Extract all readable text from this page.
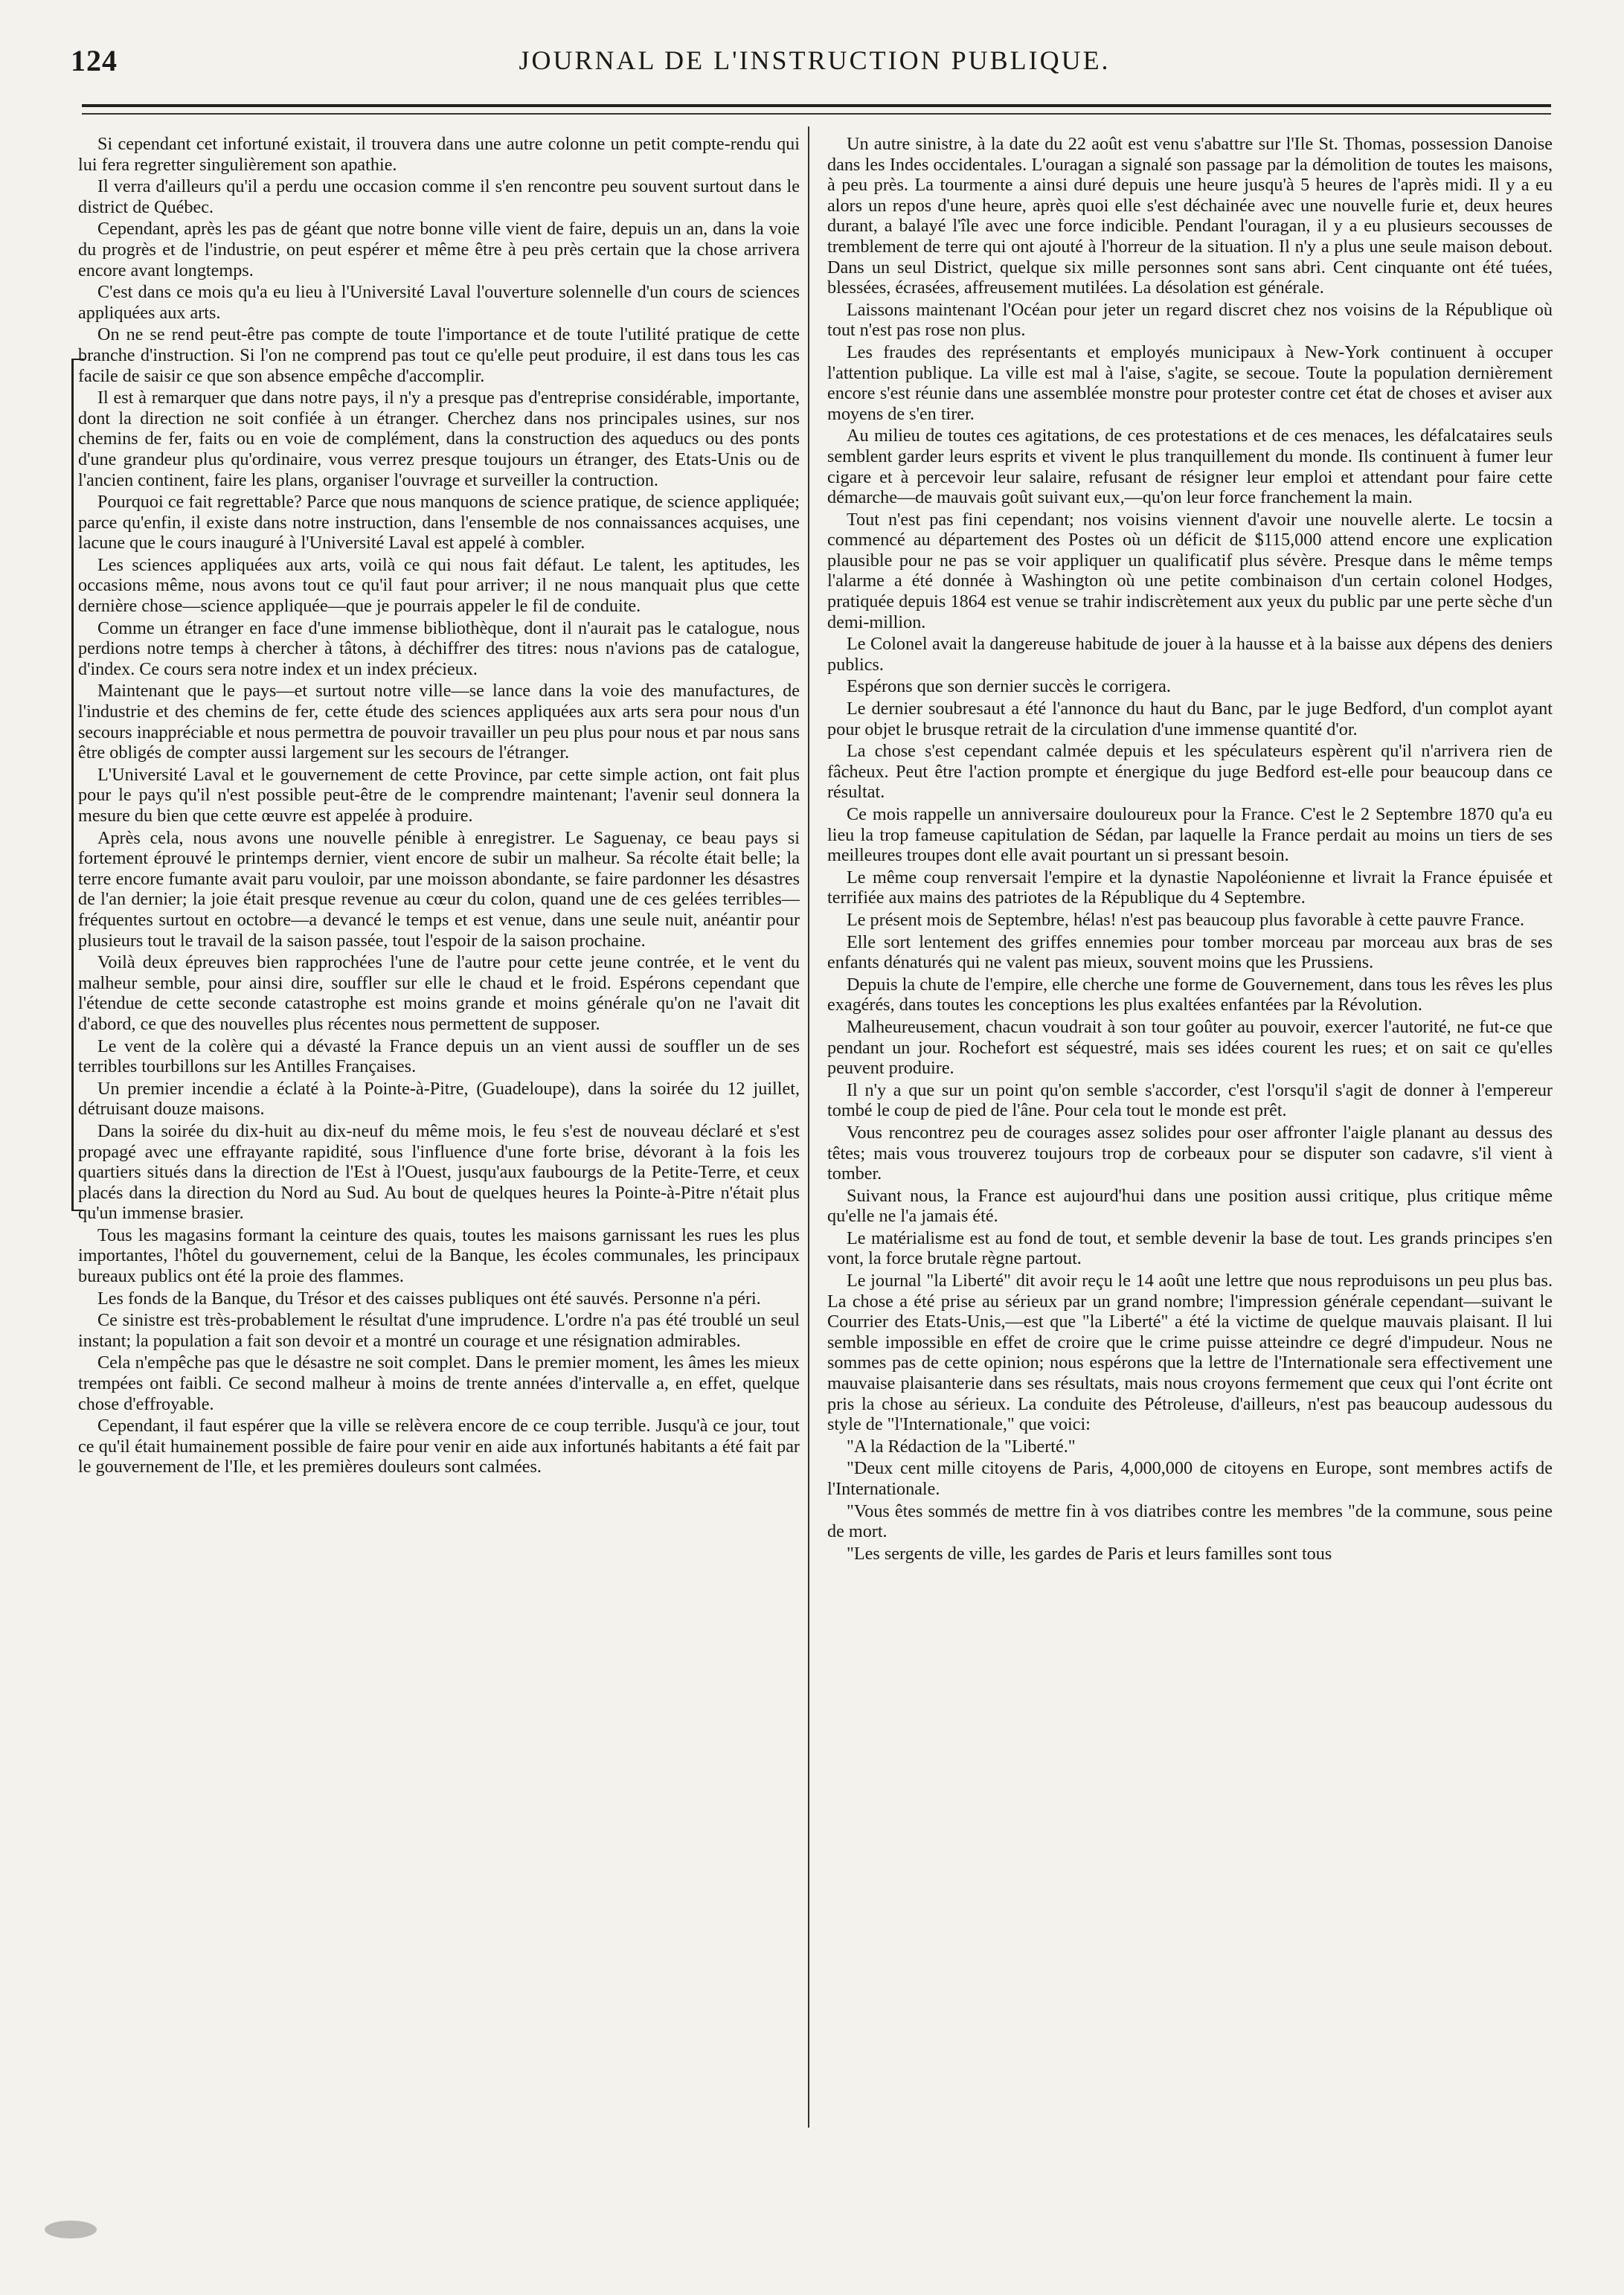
124	JOURNAL DE L'INSTRUCTION PUBLIQUE.

Si cependant cet infortuné existait, il trouvera dans une autre colonne un petit compte-rendu qui lui fera regretter singulièrement son apathie.

Il verra d'ailleurs qu'il a perdu une occasion comme il s'en rencontre peu souvent surtout dans le district de Québec.

Cependant, après les pas de géant que notre bonne ville vient de faire, depuis un an, dans la voie du progrès et de l'industrie, on peut espérer et même être à peu près certain que la chose arrivera encore avant longtemps.

C'est dans ce mois qu'a eu lieu à l'Université Laval l'ouverture solennelle d'un cours de sciences appliquées aux arts.

On ne se rend peut-être pas compte de toute l'importance et de toute l'utilité pratique de cette branche d'instruction. Si l'on ne comprend pas tout ce qu'elle peut produire, il est dans tous les cas facile de saisir ce que son absence empêche d'accomplir.

Il est à remarquer que dans notre pays, il n'y a presque pas d'entreprise considérable, importante, dont la direction ne soit confiée à un étranger. Cherchez dans nos principales usines, sur nos chemins de fer, faits ou en voie de complément, dans la construction des aqueducs ou des ponts d'une grandeur plus qu'ordinaire, vous verrez presque toujours un étranger, des Etats-Unis ou de l'ancien continent, faire les plans, organiser l'ouvrage et surveiller la contruction.

Pourquoi ce fait regrettable? Parce que nous manquons de science pratique, de science appliquée; parce qu'enfin, il existe dans notre instruction, dans l'ensemble de nos connaissances acquises, une lacune que le cours inauguré à l'Université Laval est appelé à combler.

Les sciences appliquées aux arts, voilà ce qui nous fait défaut. Le talent, les aptitudes, les occasions même, nous avons tout ce qu'il faut pour arriver; il ne nous manquait plus que cette dernière chose—science appliquée—que je pourrais appeler le fil de conduite.

Comme un étranger en face d'une immense bibliothèque, dont il n'aurait pas le catalogue, nous perdions notre temps à chercher à tâtons, à déchiffrer des titres: nous n'avions pas de catalogue, d'index. Ce cours sera notre index et un index précieux.

Maintenant que le pays—et surtout notre ville—se lance dans la voie des manufactures, de l'industrie et des chemins de fer, cette étude des sciences appliquées aux arts sera pour nous d'un secours inappréciable et nous permettra de pouvoir travailler un peu plus pour nous et par nous sans être obligés de compter aussi largement sur les secours de l'étranger.

L'Université Laval et le gouvernement de cette Province, par cette simple action, ont fait plus pour le pays qu'il n'est possible peut-être de le comprendre maintenant; l'avenir seul donnera la mesure du bien que cette œuvre est appelée à produire.

Après cela, nous avons une nouvelle pénible à enregistrer. Le Saguenay, ce beau pays si fortement éprouvé le printemps dernier, vient encore de subir un malheur. Sa récolte était belle; la terre encore fumante avait paru vouloir, par une moisson abondante, se faire pardonner les désastres de l'an dernier; la joie était presque revenue au cœur du colon, quand une de ces gelées terribles—fréquentes surtout en octobre—a devancé le temps et est venue, dans une seule nuit, anéantir pour plusieurs tout le travail de la saison passée, tout l'espoir de la saison prochaine.

Voilà deux épreuves bien rapprochées l'une de l'autre pour cette jeune contrée, et le vent du malheur semble, pour ainsi dire, souffler sur elle le chaud et le froid. Espérons cependant que l'étendue de cette seconde catastrophe est moins grande et moins générale qu'on ne l'avait dit d'abord, ce que des nouvelles plus récentes nous permettent de supposer.

Le vent de la colère qui a dévasté la France depuis un an vient aussi de souffler un de ses terribles tourbillons sur les Antilles Françaises.

Un premier incendie a éclaté à la Pointe-à-Pitre, (Guadeloupe), dans la soirée du 12 juillet, détruisant douze maisons.

Dans la soirée du dix-huit au dix-neuf du même mois, le feu s'est de nouveau déclaré et s'est propagé avec une effrayante rapidité, sous l'influence d'une forte brise, dévorant à la fois les quartiers situés dans la direction de l'Est à l'Ouest, jusqu'aux faubourgs de la Petite-Terre, et ceux placés dans la direction du Nord au Sud. Au bout de quelques heures la Pointe-à-Pitre n'était plus qu'un immense brasier.

Tous les magasins formant la ceinture des quais, toutes les maisons garnissant les rues les plus importantes, l'hôtel du gouvernement, celui de la Banque, les écoles communales, les principaux bureaux publics ont été la proie des flammes.

Les fonds de la Banque, du Trésor et des caisses publiques ont été sauvés. Personne n'a péri.

Ce sinistre est très-probablement le résultat d'une imprudence. L'ordre n'a pas été troublé un seul instant; la population a fait son devoir et a montré un courage et une résignation admirables.

Cela n'empêche pas que le désastre ne soit complet. Dans le premier moment, les âmes les mieux trempées ont faibli. Ce second malheur à moins de trente années d'intervalle a, en effet, quelque chose d'effroyable.

Cependant, il faut espérer que la ville se relèvera encore de ce coup terrible. Jusqu'à ce jour, tout ce qu'il était humainement possible de faire pour venir en aide aux infortunés habitants a été fait par le gouvernement de l'Ile, et les premières douleurs sont calmées.

Un autre sinistre, à la date du 22 août est venu s'abattre sur l'Ile St. Thomas, possession Danoise dans les Indes occidentales. L'ouragan a signalé son passage par la démolition de toutes les maisons, à peu près. La tourmente a ainsi duré depuis une heure jusqu'à 5 heures de l'après midi. Il y a eu alors un repos d'une heure, après quoi elle s'est déchainée avec une nouvelle furie et, deux heures durant, a balayé l'île avec une force indicible. Pendant l'ouragan, il y a eu plusieurs secousses de tremblement de terre qui ont ajouté à l'horreur de la situation. Il n'y a plus une seule maison debout. Dans un seul District, quelque six mille personnes sont sans abri. Cent cinquante ont été tuées, blessées, écrasées, affreusement mutilées. La désolation est générale.

Laissons maintenant l'Océan pour jeter un regard discret chez nos voisins de la République où tout n'est pas rose non plus.

Les fraudes des représentants et employés municipaux à New-York continuent à occuper l'attention publique. La ville est mal à l'aise, s'agite, se secoue. Toute la population dernièrement encore s'est réunie dans une assemblée monstre pour protester contre cet état de choses et aviser aux moyens de s'en tirer.

Au milieu de toutes ces agitations, de ces protestations et de ces menaces, les défalcataires seuls semblent garder leurs esprits et vivent le plus tranquillement du monde. Ils continuent à fumer leur cigare et à percevoir leur salaire, refusant de résigner leur emploi et attendant pour faire cette démarche—de mauvais goût suivant eux,—qu'on leur force franchement la main.

Tout n'est pas fini cependant; nos voisins viennent d'avoir une nouvelle alerte. Le tocsin a commencé au département des Postes où un déficit de $115,000 attend encore une explication plausible pour ne pas se voir appliquer un qualificatif plus sévère. Presque dans le même temps l'alarme a été donnée à Washington où une petite combinaison d'un certain colonel Hodges, pratiquée depuis 1864 est venue se trahir indiscrètement aux yeux du public par une perte sèche d'un demi-million.

Le Colonel avait la dangereuse habitude de jouer à la hausse et à la baisse aux dépens des deniers publics.

Espérons que son dernier succès le corrigera.

Le dernier soubresaut a été l'annonce du haut du Banc, par le juge Bedford, d'un complot ayant pour objet le brusque retrait de la circulation d'une immense quantité d'or.

La chose s'est cependant calmée depuis et les spéculateurs espèrent qu'il n'arrivera rien de fâcheux. Peut être l'action prompte et énergique du juge Bedford est-elle pour beaucoup dans ce résultat.

Ce mois rappelle un anniversaire douloureux pour la France. C'est le 2 Septembre 1870 qu'a eu lieu la trop fameuse capitulation de Sédan, par laquelle la France perdait au moins un tiers de ses meilleures troupes dont elle avait pourtant un si pressant besoin.

Le même coup renversait l'empire et la dynastie Napoléonienne et livrait la France épuisée et terrifiée aux mains des patriotes de la République du 4 Septembre.

Le présent mois de Septembre, hélas! n'est pas beaucoup plus favorable à cette pauvre France.

Elle sort lentement des griffes ennemies pour tomber morceau par morceau aux bras de ses enfants dénaturés qui ne valent pas mieux, souvent moins que les Prussiens.

Depuis la chute de l'empire, elle cherche une forme de Gouvernement, dans tous les rêves les plus exagérés, dans toutes les conceptions les plus exaltées enfantées par la Révolution.

Malheureusement, chacun voudrait à son tour goûter au pouvoir, exercer l'autorité, ne fut-ce que pendant un jour. Rochefort est séquestré, mais ses idées courent les rues; et on sait ce qu'elles peuvent produire.

Il n'y a que sur un point qu'on semble s'accorder, c'est l'orsqu'il s'agit de donner à l'empereur tombé le coup de pied de l'âne. Pour cela tout le monde est prêt.

Vous rencontrez peu de courages assez solides pour oser affronter l'aigle planant au dessus des têtes; mais vous trouverez toujours trop de corbeaux pour se disputer son cadavre, s'il vient à tomber.

Suivant nous, la France est aujourd'hui dans une position aussi critique, plus critique même qu'elle ne l'a jamais été.

Le matérialisme est au fond de tout, et semble devenir la base de tout. Les grands principes s'en vont, la force brutale règne partout.

Le journal "la Liberté" dit avoir reçu le 14 août une lettre que nous reproduisons un peu plus bas. La chose a été prise au sérieux par un grand nombre; l'impression générale cependant—suivant le Courrier des Etats-Unis,—est que "la Liberté" a été la victime de quelque mauvais plaisant. Il lui semble impossible en effet de croire que le crime puisse atteindre ce degré d'impudeur. Nous ne sommes pas de cette opinion; nous espérons que la lettre de l'Internationale sera effectivement une mauvaise plaisanterie dans ses résultats, mais nous croyons fermement que ceux qui l'ont écrite ont pris la chose au sérieux. La conduite des Pétroleuse, d'ailleurs, n'est pas beaucoup audessous du style de "l'Internationale," que voici:

"A la Rédaction de la "Liberté."

"Deux cent mille citoyens de Paris, 4,000,000 de citoyens en Europe, sont membres actifs de l'Internationale.

"Vous êtes sommés de mettre fin à vos diatribes contre les membres "de la commune, sous peine de mort.

"Les sergents de ville, les gardes de Paris et leurs familles sont tous
